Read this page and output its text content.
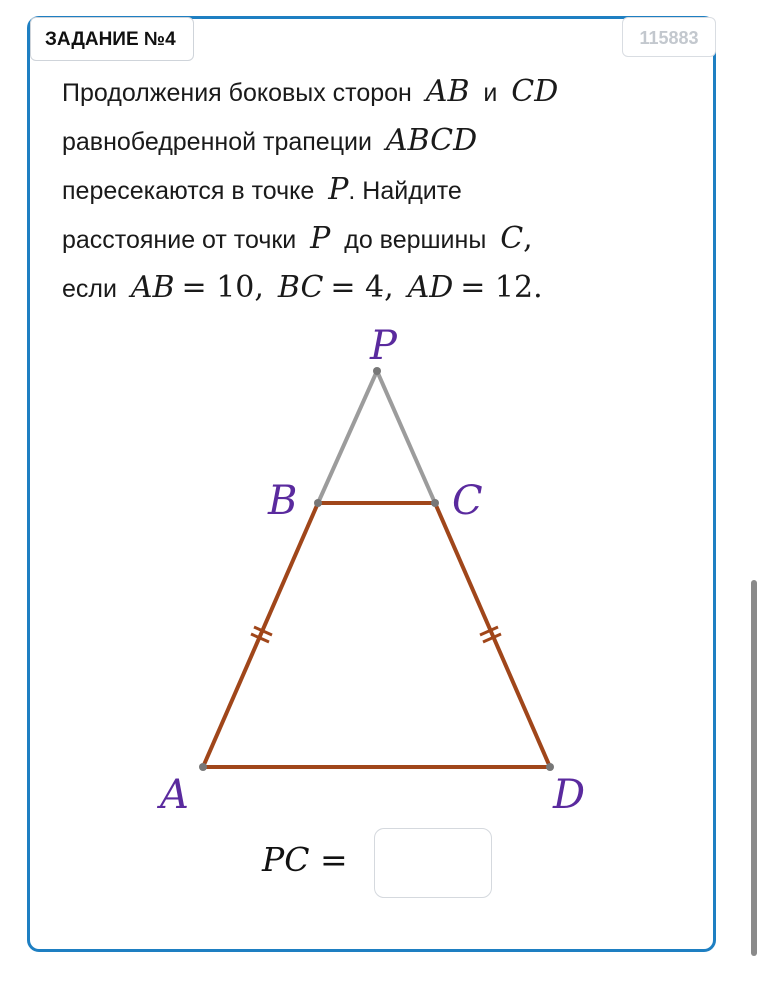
ЗАДАНИЕ №4	115883
Продолжения боковых сторон AB и CD
равнобедренной трапеции ABCD
пересекаются в точке P. Найдите
расстояние от точки P до вершины C,
если AB = 10, BC = 4, AD = 12.
P
B	C
A	D
PC =
